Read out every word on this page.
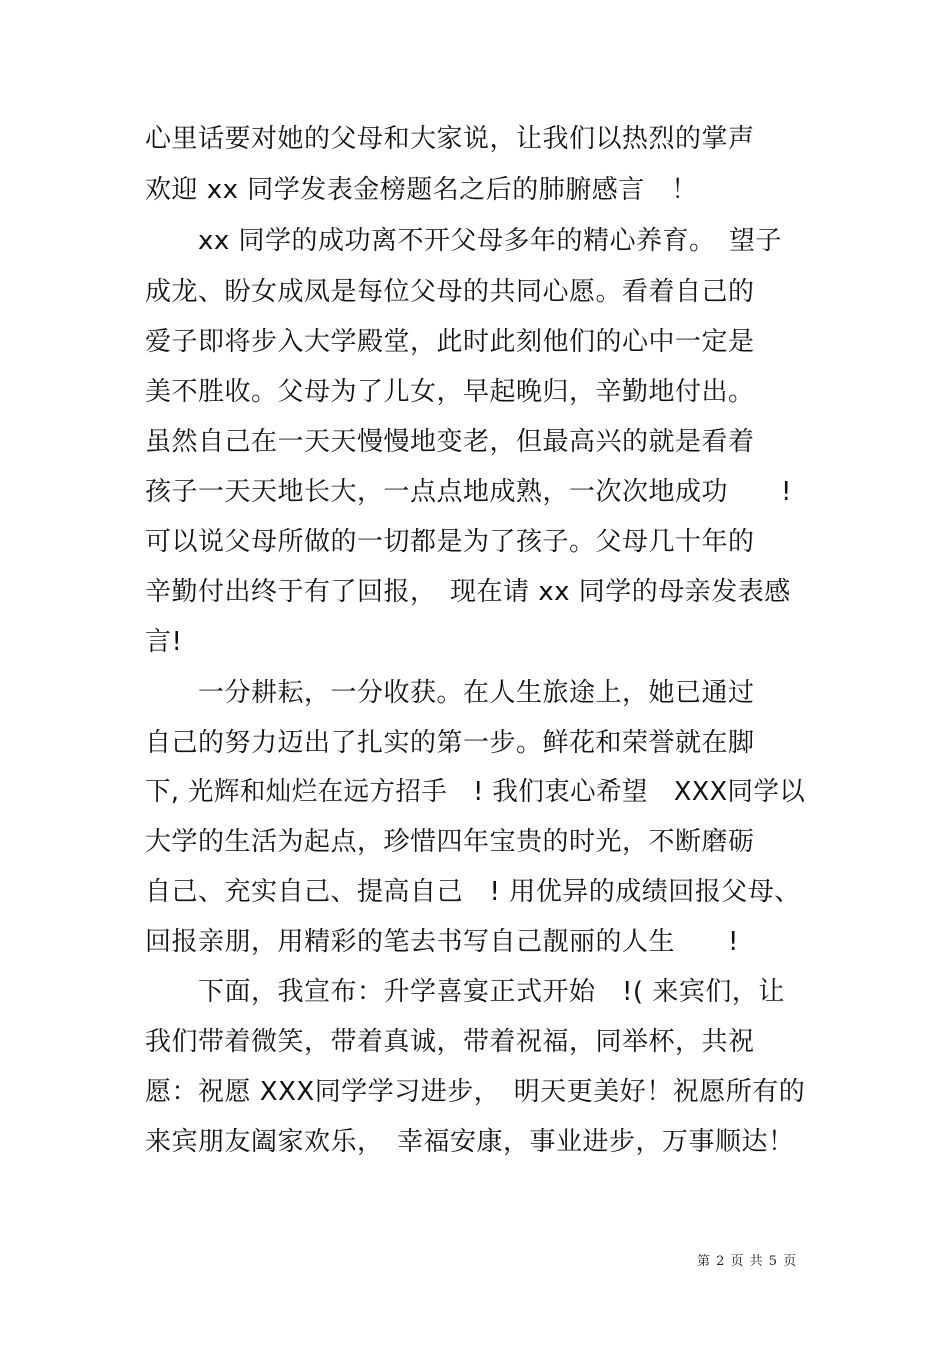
心里话要对她的父母和大家说，让我们以热烈的掌声
欢迎 xx 同学发表金榜题名之后的肺腑感言　！
　　xx 同学的成功离不开父母多年的精心养育。　望子
成龙、盼女成凤是每位父母的共同心愿。看着自己的
爱子即将步入大学殿堂，此时此刻他们的心中一定是
美不胜收。父母为了儿女，早起晚归，辛勤地付出。
虽然自己在一天天慢慢地变老，但最高兴的就是看着
孩子一天天地长大，一点点地成熟，一次次地成功　　!
可以说父母所做的一切都是为了孩子。父母几十年的
辛勤付出终于有了回报，　现在请 xx 同学的母亲发表感
言!
　　一分耕耘，一分收获。在人生旅途上，她已通过
自己的努力迈出了扎实的第一步。鲜花和荣誉就在脚
下, 光辉和灿烂在远方招手　! 我们衷心希望　XXX同学以
大学的生活为起点，珍惜四年宝贵的时光，不断磨砺
自己、充实自己、提高自己　! 用优异的成绩回报父母、
回报亲朋，用精彩的笔去书写自己靓丽的人生　　!
　　下面，我宣布：升学喜宴正式开始　!( 来宾们，让
我们带着微笑，带着真诚，带着祝福，同举杯，共祝
愿：祝愿 XXX同学学习进步，　明天更美好！祝愿所有的
来宾朋友阖家欢乐，　幸福安康，事业进步，万事顺达！
第 2 页 共 5 页
